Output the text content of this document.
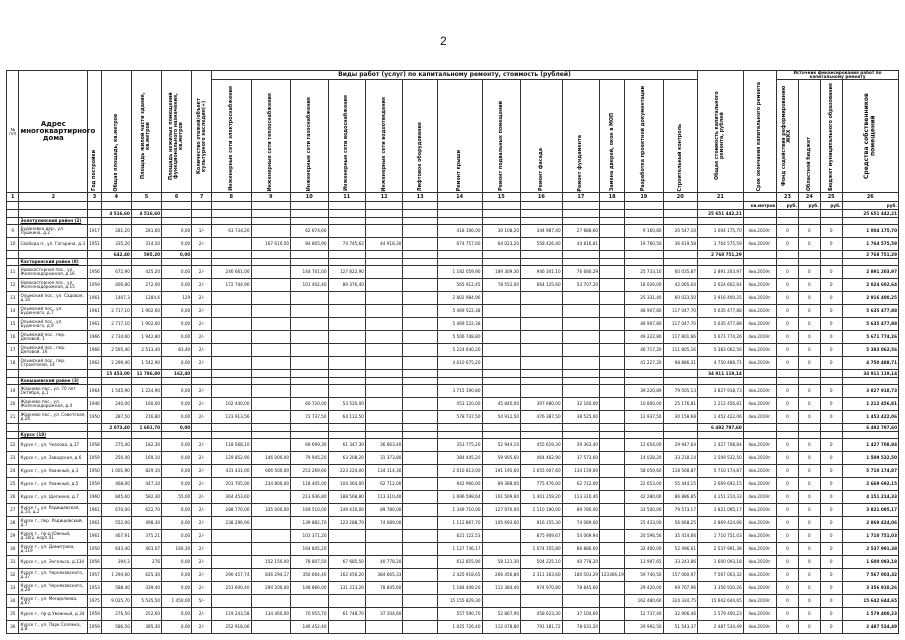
2
№ п/п	Адрес многоквартирного дома	Год постройки	Общая площадь, кв.метров	Площадь жилой части здания, кв.метров	Площадь нежилых помещений функционального назначения, кв.метров	Количество этажей/объект культурного наследия(+)	Виды работ (услуг) по капитальному ремонту, стоимость (рублей)													Общая стоимость капитального ремонта, рублей	Срок окончания капитального ремонта	Источник финансирования работ по капитальному ремонту			
							Инженерные сети электроснабжения	Инженерные сети теплоснабжения	Инженерные сети газоснабжения	Инженерные сети водоснабжения	Инженерные сети водоотведения	Лифтовое оборудование	Ремонт крыши	Ремонт подвальных помещений	Ремонт фасада	Ремонт фундамента	Замена дверей, окон в МОП	Разработка проектной документации	Строительный контроль			Фонд содействия реформированию ЖКХ	Областной бюджет	Бюджет муниципального образования	Средства собственников помещений
1	2	3	4	5	6	7	8	9	10	11	12	13	14	15	16	17	18	19	20	21		23	24	25	26
																					кв.метров	руб.	руб.	руб.	руб.
			4 516,60	4 516,60																25 651 442,21					25 651 442,21
	Золотухинский район (2)																								
9	Будановка дер., ул. Пушкина, д.2	1917	281,20	281,60	0,00	1/-	63 734,20		62 674,66				418 106,00	30 108,20	344 987,40	27 888,60		9 160,80	20 547,10	1 004 175,70	4кв.2019г.	0	0	0	1 004 175,70
10	Свобода п., ул. Гагарина, д.3	1951	335,20	314,50	0,00	2/-		167 610,50	84 805,90	74 745,62	44 918,30		674 757,60	64 023,20	558 426,40	44 816,81		19 760,50	36 619,58	1 764 575,59	4кв.2019г.	0	0	0	1 764 575,59
			642,40	595,20	0,00															2 768 751,29					2 768 751,29
	Касторенский район (8)																								
11	Новокасторное пос., ул. Железнодорожная, д.16	1956	672,90	425,20	0,00	2/-	246 661,00		144 701,00	127 822,90			1 182 059,90	189 309,30	946 301,10	76 680,29		25 733,10	60 035,87	2 891 203,97	4кв.2019г.	0	0	0	2 891 203,97
12	Новокасторное пос., ул. Железнодорожная, д.15	1959	400,80	272,00	0,00	2/-	172 744,90		101 402,40	89 376,40			565 912,45	78 552,00	664 125,60	53 707,20		18 026,00	42 065,04	2 024 602,64	4кв.2019г.	0	0	0	2 024 602,64
13	Олымский пос., ул. Садовая, д.16	1961	1407,3	1284,6	129	2/-							2 802 984,96					25 331,40	60 023,50	2 916 400,25	4кв.2019г.	0	0	0	2 916 400,25
14	Олымский пос., ул. Буденного, д.7	1961	2 717,10	1 902,60	0,00	2/-							5 469 522,38					48 907,80	117 047,70	5 635 477,88	4кв.2019г.	0	0	0	5 635 477,88
15	Олымский пос., ул. Буденного, д.9	1961	2 717,10	1 902,60	0,00	2/-							5 469 522,38					48 907,80	117 047,70	5 635 477,88	4кв.2019г.	0	0	0	5 635 477,88
16	Олымский пос., пер. Деповой, 1	1966	2 734,60	1 942,80	0,00	2/-							5 506 748,80					49 222,80	117 801,66	5 671 774,26	4кв.2019г.	0	0	0	5 671 774,26
17	Олымский пос., пер. Деповой, 16	1966	2 595,40	2 513,40	83,40	2/-							5 224 640,20					46 717,20	111 805,16	5 383 062,56	4кв.2019г.	0	0	0	5 383 062,56
18	Олымский пос., пер. Строителей, 14	1962	2 299,40	1 542,90	0,00	2/-							4 610 675,20					41 227,20	98 886,31	4 750 488,71	4кв.2019г.	0	0	0	4 750 488,71
			15 453,00	11 786,80	162,40															34 911 119,14					34 911 119,14
	Конышевский район (3)																								
19	Жарнево пос., ул. 70 лет Октября, д.1	1964	1 545,90	1 224,90	0,00	2/-							3 715 190,80					39 220,89	79 505,13	3 827 918,73	4кв.2019г.	0	0	0	3 827 918,73
20	Жарнево пос., ул. Железнодорожная, д.4	1946	240,00	160,00	0,00	2/-	102 440,00		60 720,00	53 520,00			453 120,00	45 840,00	397 680,00	32 160,00		10 800,00	25 176,81	1 212 456,81	4кв.2019г.	0	0	0	1 212 456,81
21	Жарнево пос., ул. Советская, д.26	1950	287,50	216,80	0,00	2/-	123 913,56		72 737,50	64 112,50			578 737,50	54 912,50	476 387,50	38 525,00		12 937,50	30 158,68	1 452 422,06	4кв.2019г.	0	0	0	1 452 422,06
			2 073,40	1 601,70	0,00															6 492 797,60					6 492 797,60
	Курск (18)																								
22	Курск г., ул. Чкалова, д.37	1958	275,40	182,30	0,00	2/-	118 568,10		69 699,30	61 347,30	36 663,40		353 775,20	52 944,10	455 619,30	39 363,40		12 654,00	29 947,64	1 427 708,84	4кв.2019г.	0	0	0	1 427 708,84
23	Курск г., ул. Заводская, д.6	1959	250,40	169,10	0,00	2/-	129 852,90	146 000,00	79 945,20	63 208,20	31 373,80		384 445,20	59 905,60	464 462,90	37 573,60		14 028,20	33 218,14	1 509 532,50	4кв.2019г.	0	0	0	1 509 532,50
24	Курск г., ул. Уважный, д.3	1950	1 001,90	829,10	0,00	2/-	431 431,00	606 500,00	253 269,60	223 224,00	134 114,30		2 010 813,00	191 195,60	1 655 007,60	134 159,00		58 059,60	118 568,87	5 710 174,87	4кв.2019г.	0	0	0	5 710 174,87
25	Курск г., ул. Уважный, д.5	1959	468,00	447,10	0,00	2/-	201 705,00	234 800,00	118 405,00	104 364,00	62 712,00		942 966,00	89 388,00	775 476,00	62 712,00		22 653,00	55 444,15	2 669 692,15	4кв.2019г.	0	0	0	2 669 692,15
26	Курск г., ул. Щепкина, д.7	1960	845,60	582,30	55,00	2/-	364 453,60		213 936,80	188 568,80	113 310,40		1 696 598,64	161 509,60	1 401 159,20	113 310,40		42 280,00	86 886,85	4 151 214,33	4кв.2019г.	0	0	0	4 151 214,33
27	Курск г., ул. Радищевская, д.14, д.2	1961	670,00	622,70	0,00	2/-	288 770,00	335 000,00	169 510,00	149 410,00	89 780,00		1 349 710,00	127 970,00	1 110 190,00	89 780,00		33 500,00	79 573,17	3 821 095,17	4кв.2019г.	0	0	0	3 821 095,17
28	Курск г., пер. Радищевский, д.7	1961	552,00	498,30	0,00	2/-	238 296,90		139 882,70	123 288,70	74 089,00		1 112 867,70	105 693,60	916 155,30	74 089,00		25 433,00	56 668,25	2 869 424,06	4кв.2019г.	0	0	0	2 869 424,06
29	Курск г., пр-д Южный, д.18/2, корп.41	1961	467,91	375,21	0,00	2/-			103 371,20				621 122,53		875 909,67	54 069,94		20 596,56	35 414,66	1 710 751,03	4кв.2019г.	0	0	0	1 710 751,03
30	Курск г., ул. Димитрова, д.119	1950	643,40	403,07	160,30	2/-			164 845,20				1 127 736,17		1 074 355,80	86 886,60		32 400,00	52 496,61	2 537 991,38	4кв.2019г.	0	0	0	2 537 991,38
31	Курск г., ул. Энгельса, д.134	1956	394,3	276	0,00	2/-		152 150,00	78 807,50	67 685,50	40 778,20		612 855,90	58 121,30	504 225,10	40 778,20		13 997,65	33 243,86	1 600 093,18	4кв.2019г.	0	0	0	1 600 093,18
32	Курск г., ул. Черняховского, д.37	1957	1 294,60	625,30	0,00	2/-	290 457,74	836 294,17	350 664,40	162 456,20	384 665,33		2 425 918,65	266 456,80	2 311 163,60	180 503,29	123366,19	59 740,50	157 060,97	7 567 003,32	4кв.2019г.	0	0	0	7 567 003,32
33	Курск г., ул. Черняховского, д.28	1953	588,40	339,40	0,00	2/-	253 600,40	294 200,00	148 866,00	131 213,20	78 845,60		1 184 449,20	112 384,40	974 970,80	78 845,60		29 420,00	69 707,96	3 356 910,26	4кв.2019г.	0	0	0	3 356 910,26
34	Курск г., ул. Менделеева, д.67	1975	9 025,70	5 535,50	1 450,00	5/-							15 155 829,30					162 480,60	324 334,75	15 642 644,65	4кв.2019г.	0	0	0	15 642 644,65
35	Курск г., пр-д Уважный, д.34	1959	276,50	252,60	0,00	2/-	119 243,58	134 460,00	70 955,70	61 748,70	37 104,60		557 590,70	52 867,90	458 623,30	37 104,60		12 737,40	32 906,46	1 579 400,23	4кв.2019г.	0	0	0	1 579 400,23
36	Курск г., ул. Парк Солянка, д.8	1959	586,50	385,30	0,00	2/-	252 918,06		146 452,40				1 025 726,40	112 078,80	791 181,72	78 631,20		29 992,50	51 543,37	2 487 534,49	4кв.2019г.	0	0	0	2 487 534,49
